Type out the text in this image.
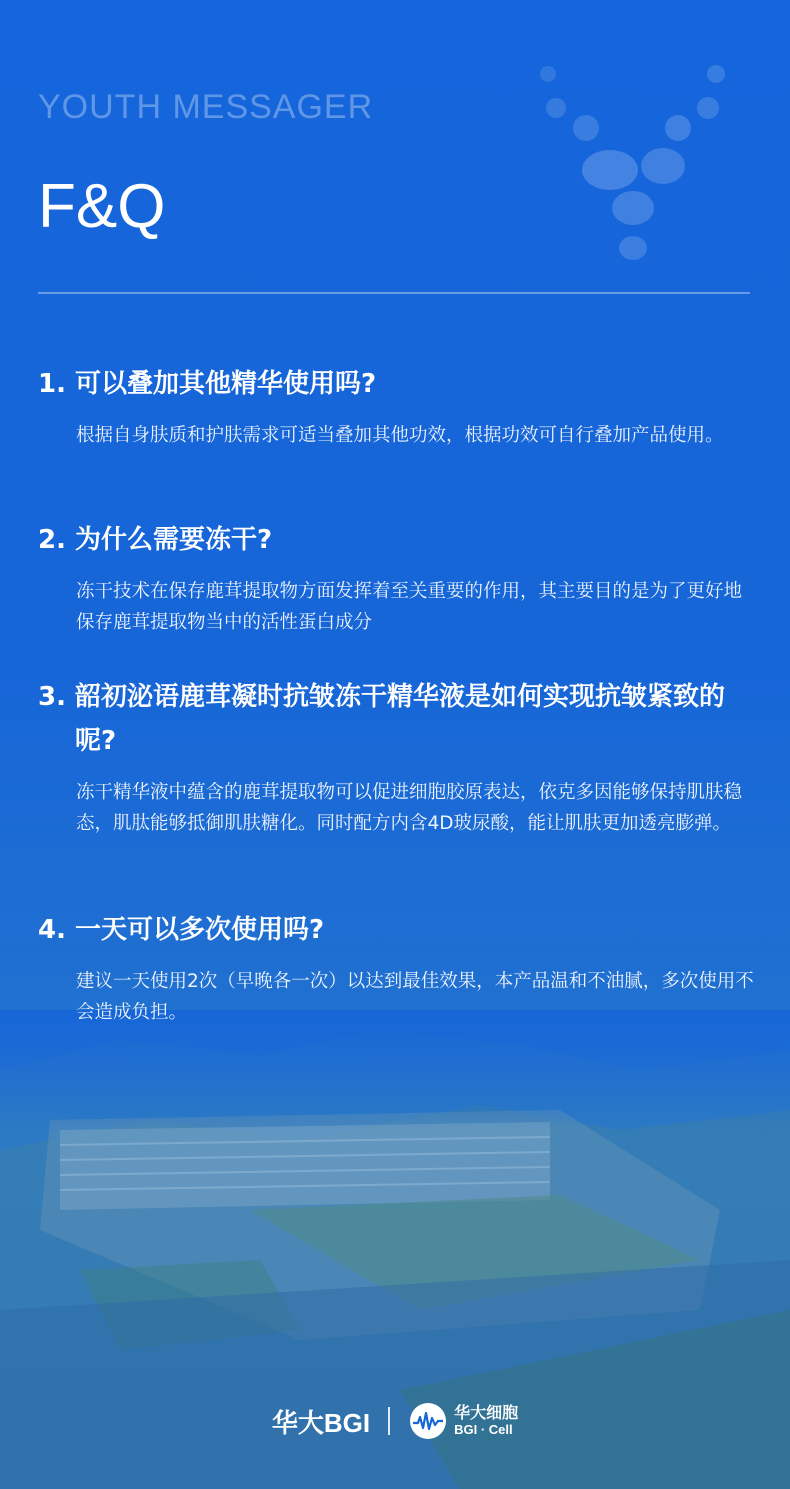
YOUTH MESSAGER
F&Q
1. 可以叠加其他精华使用吗?

根据自身肤质和护肤需求可适当叠加其他功效，根据功效可自行叠加产品使用。

2. 为什么需要冻干?

冻干技术在保存鹿茸提取物方面发挥着至关重要的作用，其主要目的是为了更好地保存鹿茸提取物当中的活性蛋白成分

3. 韶初泌语鹿茸凝时抗皱冻干精华液是如何实现抗皱紧致的呢?

冻干精华液中蕴含的鹿茸提取物可以促进细胞胶原表达，依克多因能够保持肌肤稳态，肌肽能够抵御肌肤糖化。同时配方内含4D玻尿酸，能让肌肤更加透亮膨弹。

4. 一天可以多次使用吗?

建议一天使用2次（早晚各一次）以达到最佳效果，本产品温和不油腻，多次使用不会造成负担。

华大BGI	华大细胞
BGI · Cell
